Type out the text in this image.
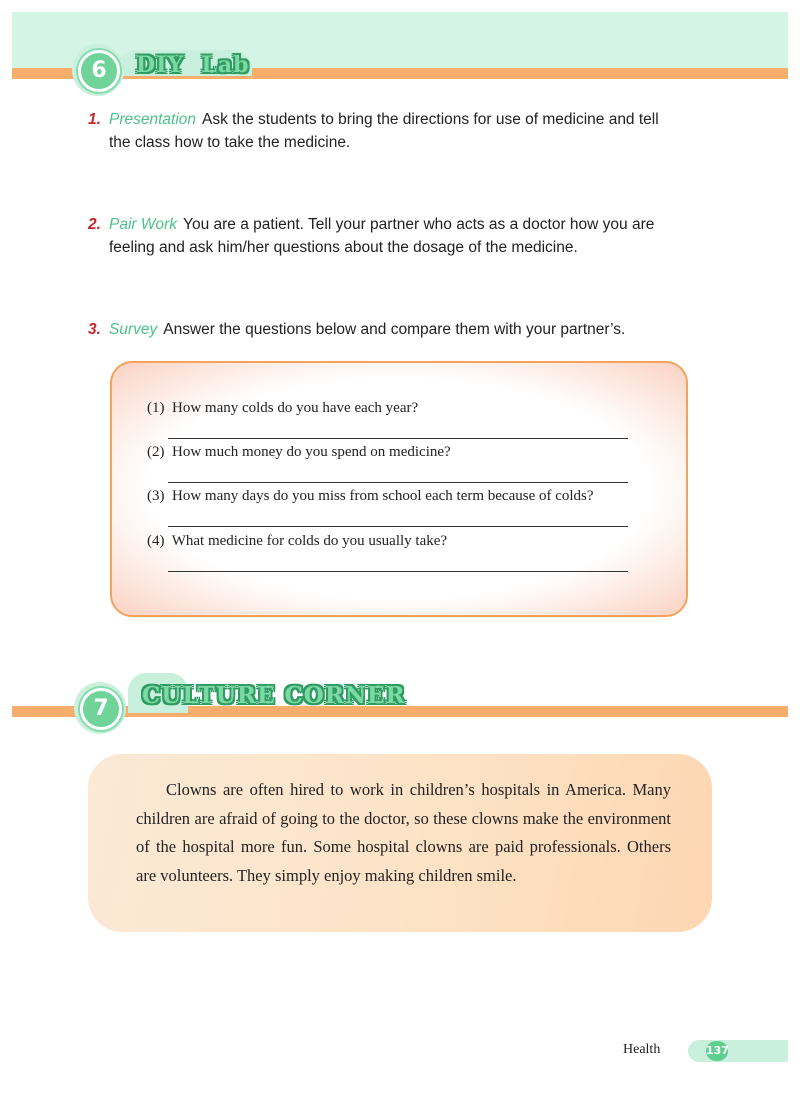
6	DIY  Lab
1. Presentation Ask the students to bring the directions for use of medicine and tell
the class how to take the medicine.
2. Pair Work You are a patient. Tell your partner who acts as a doctor how you are
feeling and ask him/her questions about the dosage of the medicine.
3. Survey Answer the questions below and compare them with your partner’s.
(1)  How many colds do you have each year?
(2)  How much money do you spend on medicine?
(3)  How many days do you miss from school each term because of colds?
(4)  What medicine for colds do you usually take?
7	CULTURE CORNER

Clowns are often hired to work in children’s hospitals in America. Many children are afraid of going to the doctor, so these clowns make the environment of the hospital more fun. Some hospital clowns are paid professionals. Others are volunteers. They simply enjoy making children smile.

Health	137
